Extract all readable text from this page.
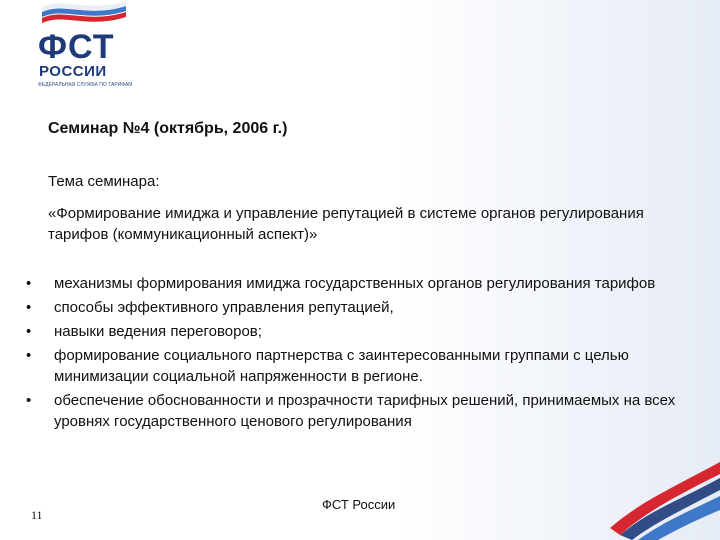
ФСТ
РОССИИ
ФЕДЕРАЛЬНАЯ СЛУЖБА ПО ТАРИФАМ
Семинар №4 (октябрь, 2006 г.)
Тема семинара:
«Формирование имиджа и управление репутацией в системе органов регулирования тарифов (коммуникационный аспект)»
•	механизмы формирования имиджа государственных органов регулирования тарифов
•	способы эффективного управления репутацией,
•	навыки ведения переговоров;
•	формирование социального партнерства с заинтересованными группами с целью минимизации социальной напряженности в регионе.
•	обеспечение обоснованности и прозрачности тарифных решений, принимаемых на всех уровнях государственного ценового регулирования
ФСТ России
11
